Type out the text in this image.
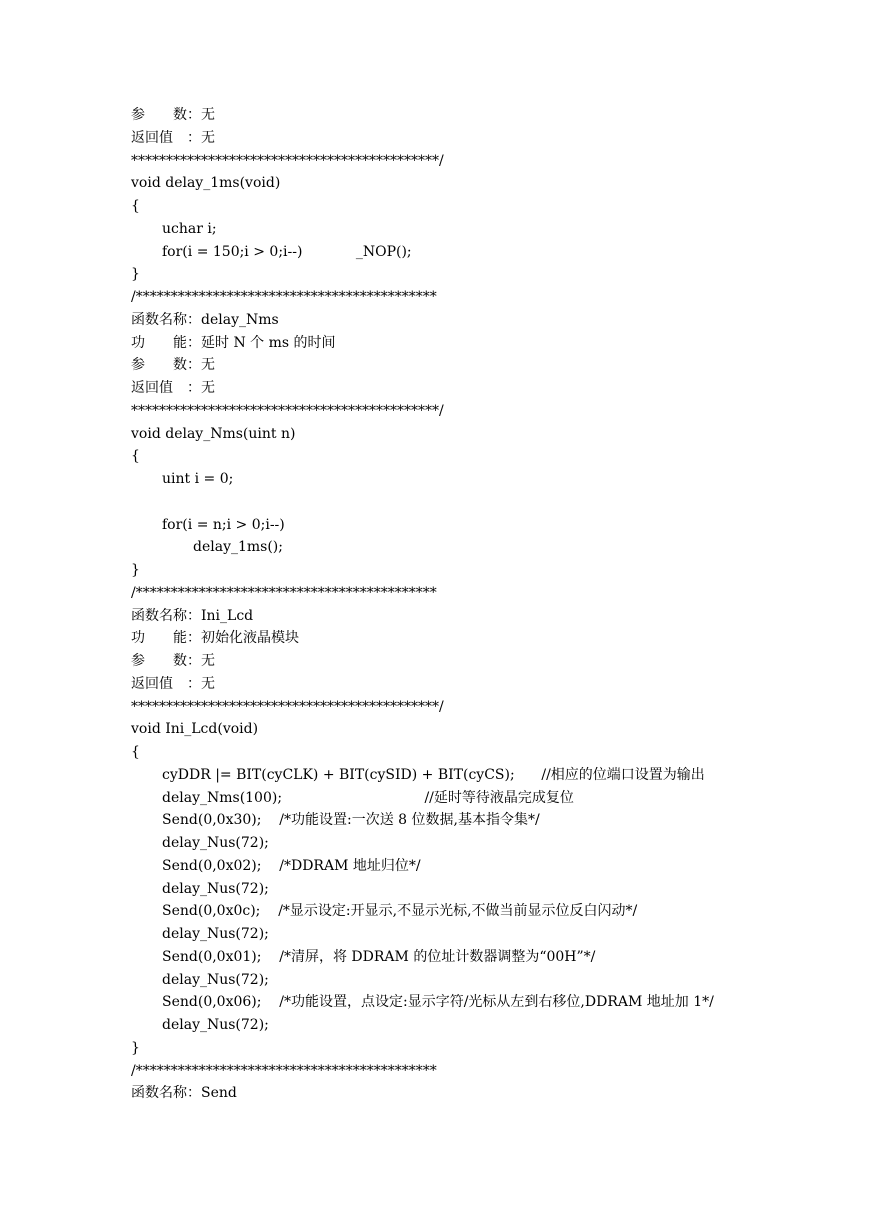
参　　数：无
返回值　：无
********************************************/
void delay_1ms(void)
{
uchar i;
for(i = 150;i > 0;i--)            _NOP();
}
/*******************************************
函数名称：delay_Nms
功　　能：延时 N 个 ms 的时间
参　　数：无
返回值　：无
********************************************/
void delay_Nms(uint n)
{
uint i = 0;
for(i = n;i > 0;i--)
delay_1ms();
}
/*******************************************
函数名称：Ini_Lcd
功　　能：初始化液晶模块
参　　数：无
返回值　：无
********************************************/
void Ini_Lcd(void)
{
cyDDR |= BIT(cyCLK) + BIT(cySID) + BIT(cyCS);      //相应的位端口设置为输出
delay_Nms(100);                                //延时等待液晶完成复位
Send(0,0x30);    /*功能设置:一次送 8 位数据,基本指令集*/
delay_Nus(72);
Send(0,0x02);    /*DDRAM 地址归位*/
delay_Nus(72);
Send(0,0x0c);    /*显示设定:开显示,不显示光标,不做当前显示位反白闪动*/
delay_Nus(72);
Send(0,0x01);    /*清屏，将 DDRAM 的位址计数器调整为“00H”*/
delay_Nus(72);
Send(0,0x06);    /*功能设置，点设定:显示字符/光标从左到右移位,DDRAM 地址加 1*/
delay_Nus(72);
}
/*******************************************
函数名称：Send
